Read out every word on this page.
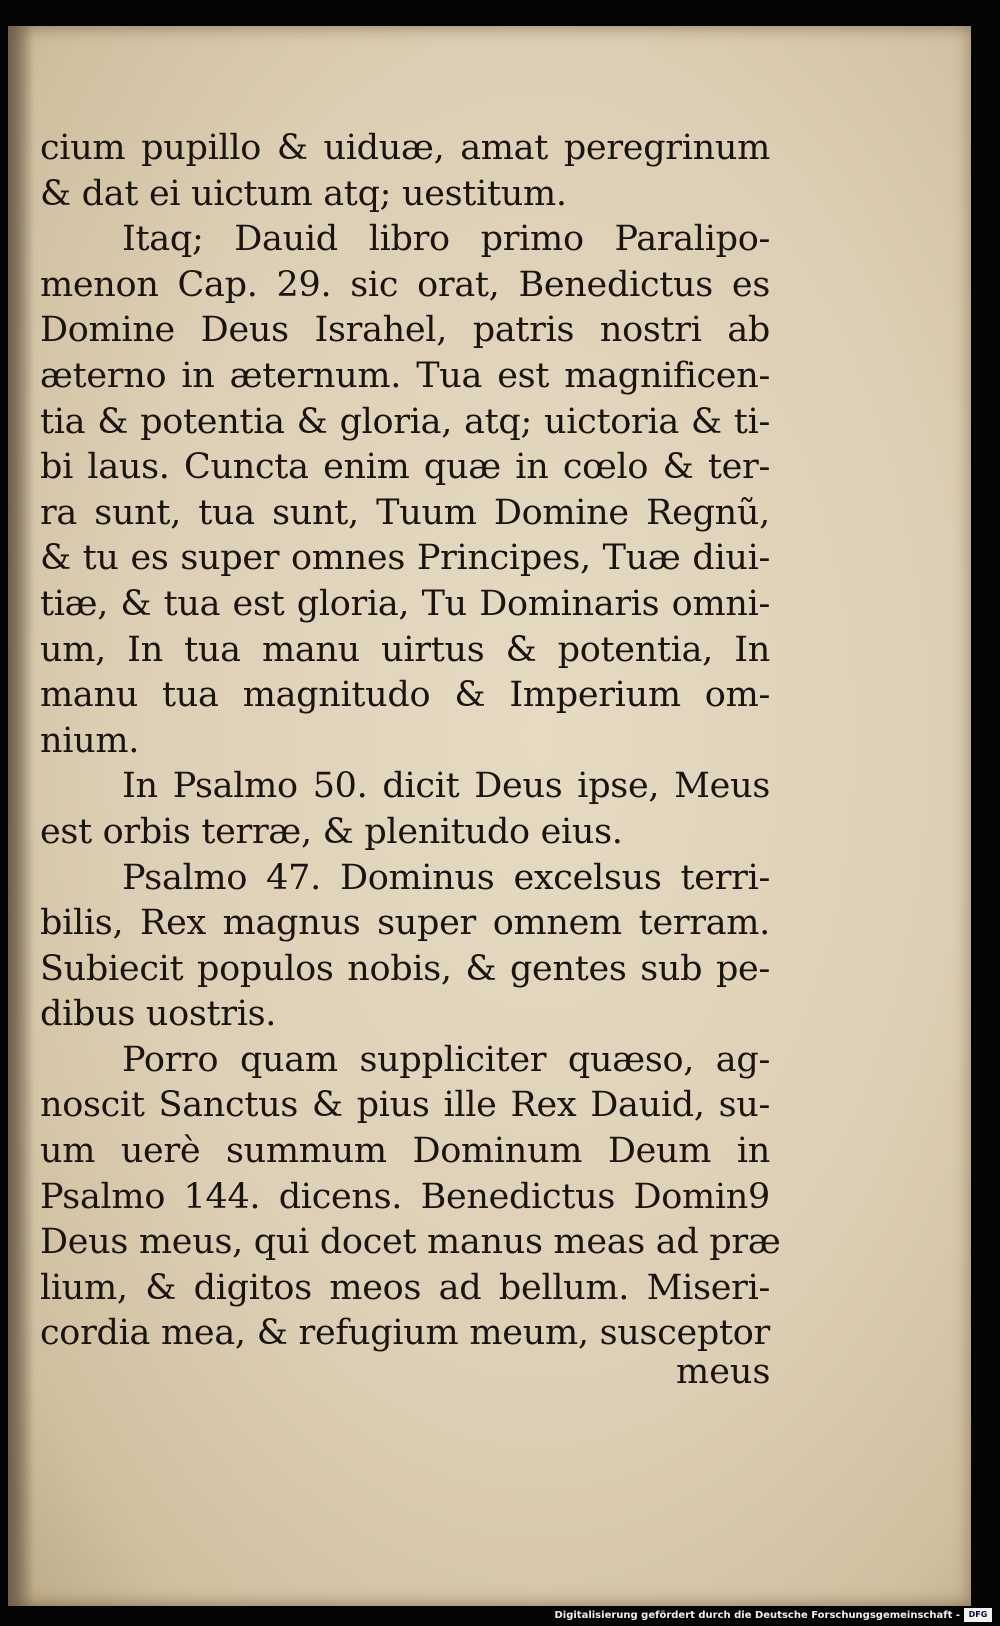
cium pupillo & uiduæ, amat peregrinum
& dat ei uictum atq; uestitum.
Itaq; Dauid libro primo Paralipo-
menon Cap. 29. sic orat, Benedictus es
Domine Deus Israhel, patris nostri ab
æterno in æternum. Tua est magnificen-
tia & potentia & gloria, atq; uictoria & ti-
bi laus. Cuncta enim quæ in cœlo & ter-
ra sunt, tua sunt, Tuum Domine Regnũ,
& tu es super omnes Principes, Tuæ diui-
tiæ, & tua est gloria, Tu Dominaris omni-
um, In tua manu uirtus & potentia, In
manu tua magnitudo & Imperium om-
nium.
In Psalmo 50. dicit Deus ipse, Meus
est orbis terræ, & plenitudo eius.
Psalmo 47. Dominus excelsus terri-
bilis, Rex magnus super omnem terram.
Subiecit populos nobis, & gentes sub pe-
dibus uostris.
Porro quam suppliciter quæso, ag-
noscit Sanctus & pius ille Rex Dauid, su-
um uerè summum Dominum Deum in
Psalmo 144. dicens. Benedictus Domin9
Deus meus, qui docet manus meas ad præ
lium, & digitos meos ad bellum. Miseri-
cordia mea, & refugium meum, susceptor
meus
Digitalisierung gefördert durch die Deutsche Forschungsgemeinschaft -	DFG
